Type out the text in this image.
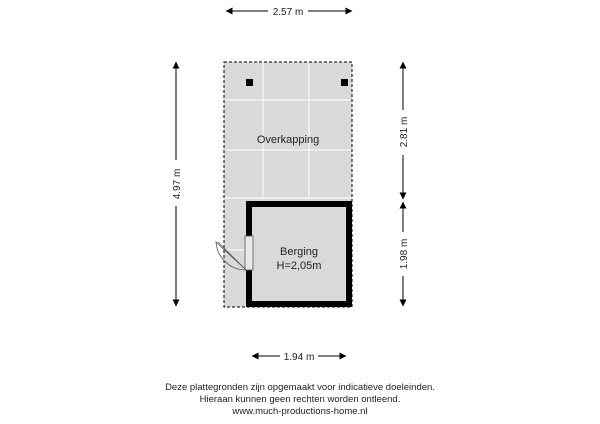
Overkapping
Berging
H=2,05m
2.57 m
1.94 m
4.97 m
2.81 m
1.98 m
Deze plattegronden zijn opgemaakt voor indicatieve doeleinden.
Hieraan kunnen geen rechten worden ontleend.
www.much-productions-home.nl
